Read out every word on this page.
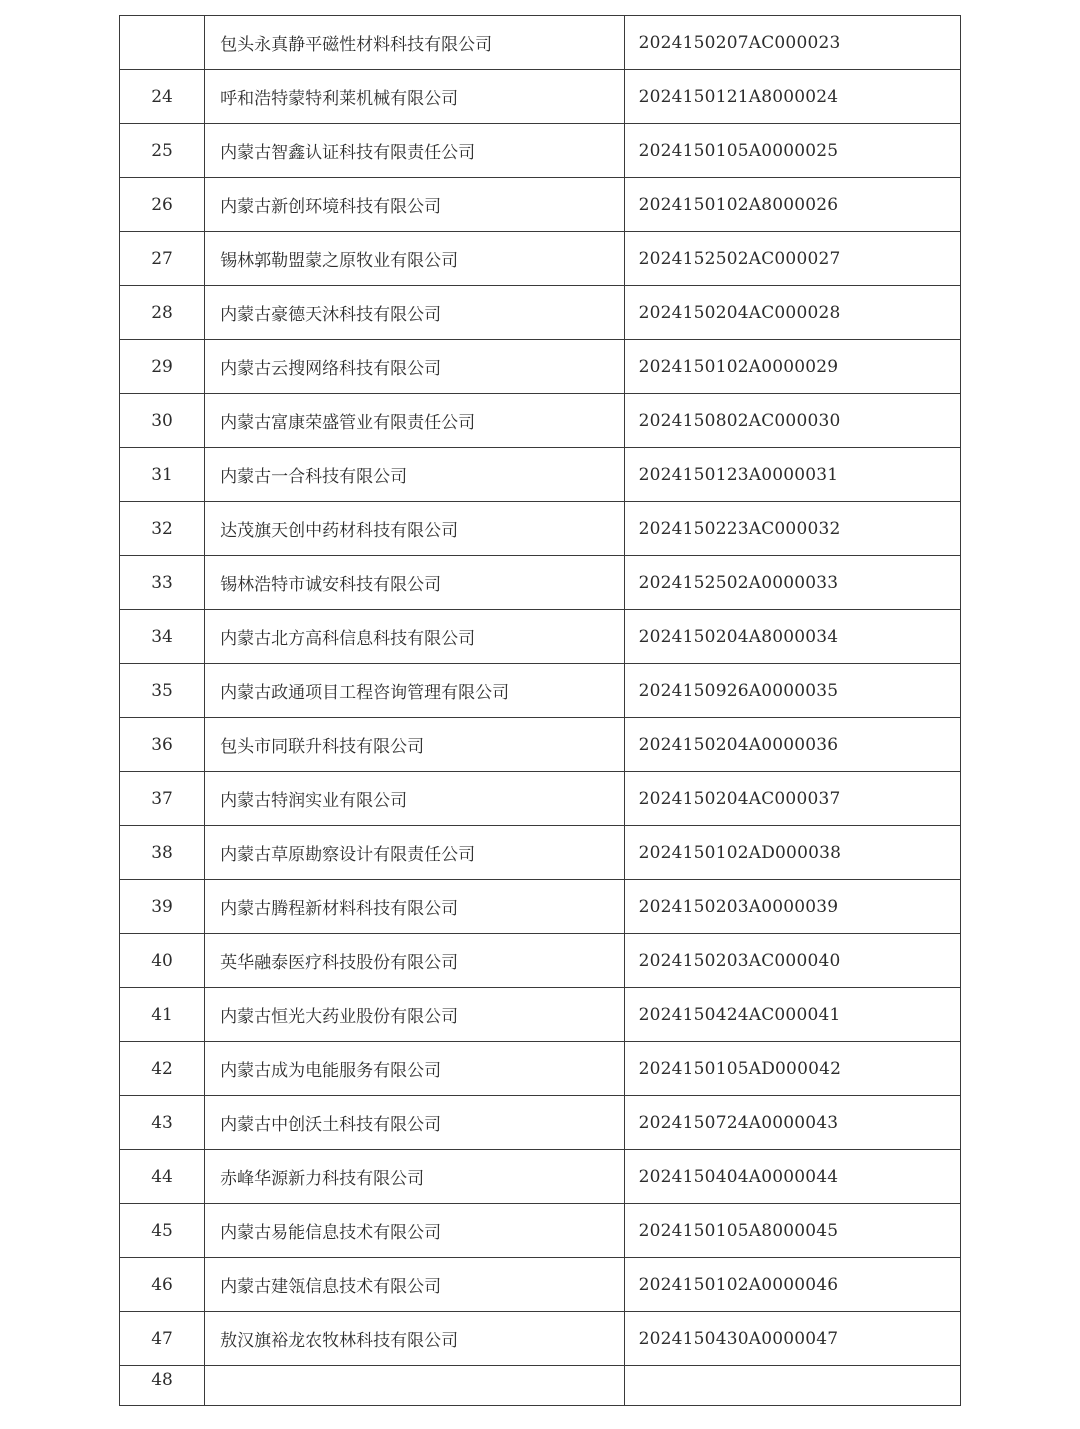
	包头永真静平磁性材料科技有限公司	2024150207AC000023
24	呼和浩特蒙特利莱机械有限公司	2024150121A8000024
25	内蒙古智鑫认证科技有限责任公司	2024150105A0000025
26	内蒙古新创环境科技有限公司	2024150102A8000026
27	锡林郭勒盟蒙之原牧业有限公司	2024152502AC000027
28	内蒙古豪德天沐科技有限公司	2024150204AC000028
29	内蒙古云搜网络科技有限公司	2024150102A0000029
30	内蒙古富康荣盛管业有限责任公司	2024150802AC000030
31	内蒙古一合科技有限公司	2024150123A0000031
32	达茂旗天创中药材科技有限公司	2024150223AC000032
33	锡林浩特市诚安科技有限公司	2024152502A0000033
34	内蒙古北方高科信息科技有限公司	2024150204A8000034
35	内蒙古政通项目工程咨询管理有限公司	2024150926A0000035
36	包头市同联升科技有限公司	2024150204A0000036
37	内蒙古特润实业有限公司	2024150204AC000037
38	内蒙古草原勘察设计有限责任公司	2024150102AD000038
39	内蒙古腾程新材料科技有限公司	2024150203A0000039
40	英华融泰医疗科技股份有限公司	2024150203AC000040
41	内蒙古恒光大药业股份有限公司	2024150424AC000041
42	内蒙古成为电能服务有限公司	2024150105AD000042
43	内蒙古中创沃土科技有限公司	2024150724A0000043
44	赤峰华源新力科技有限公司	2024150404A0000044
45	内蒙古易能信息技术有限公司	2024150105A8000045
46	内蒙古建瓴信息技术有限公司	2024150102A0000046
47	敖汉旗裕龙农牧林科技有限公司	2024150430A0000047
48		
